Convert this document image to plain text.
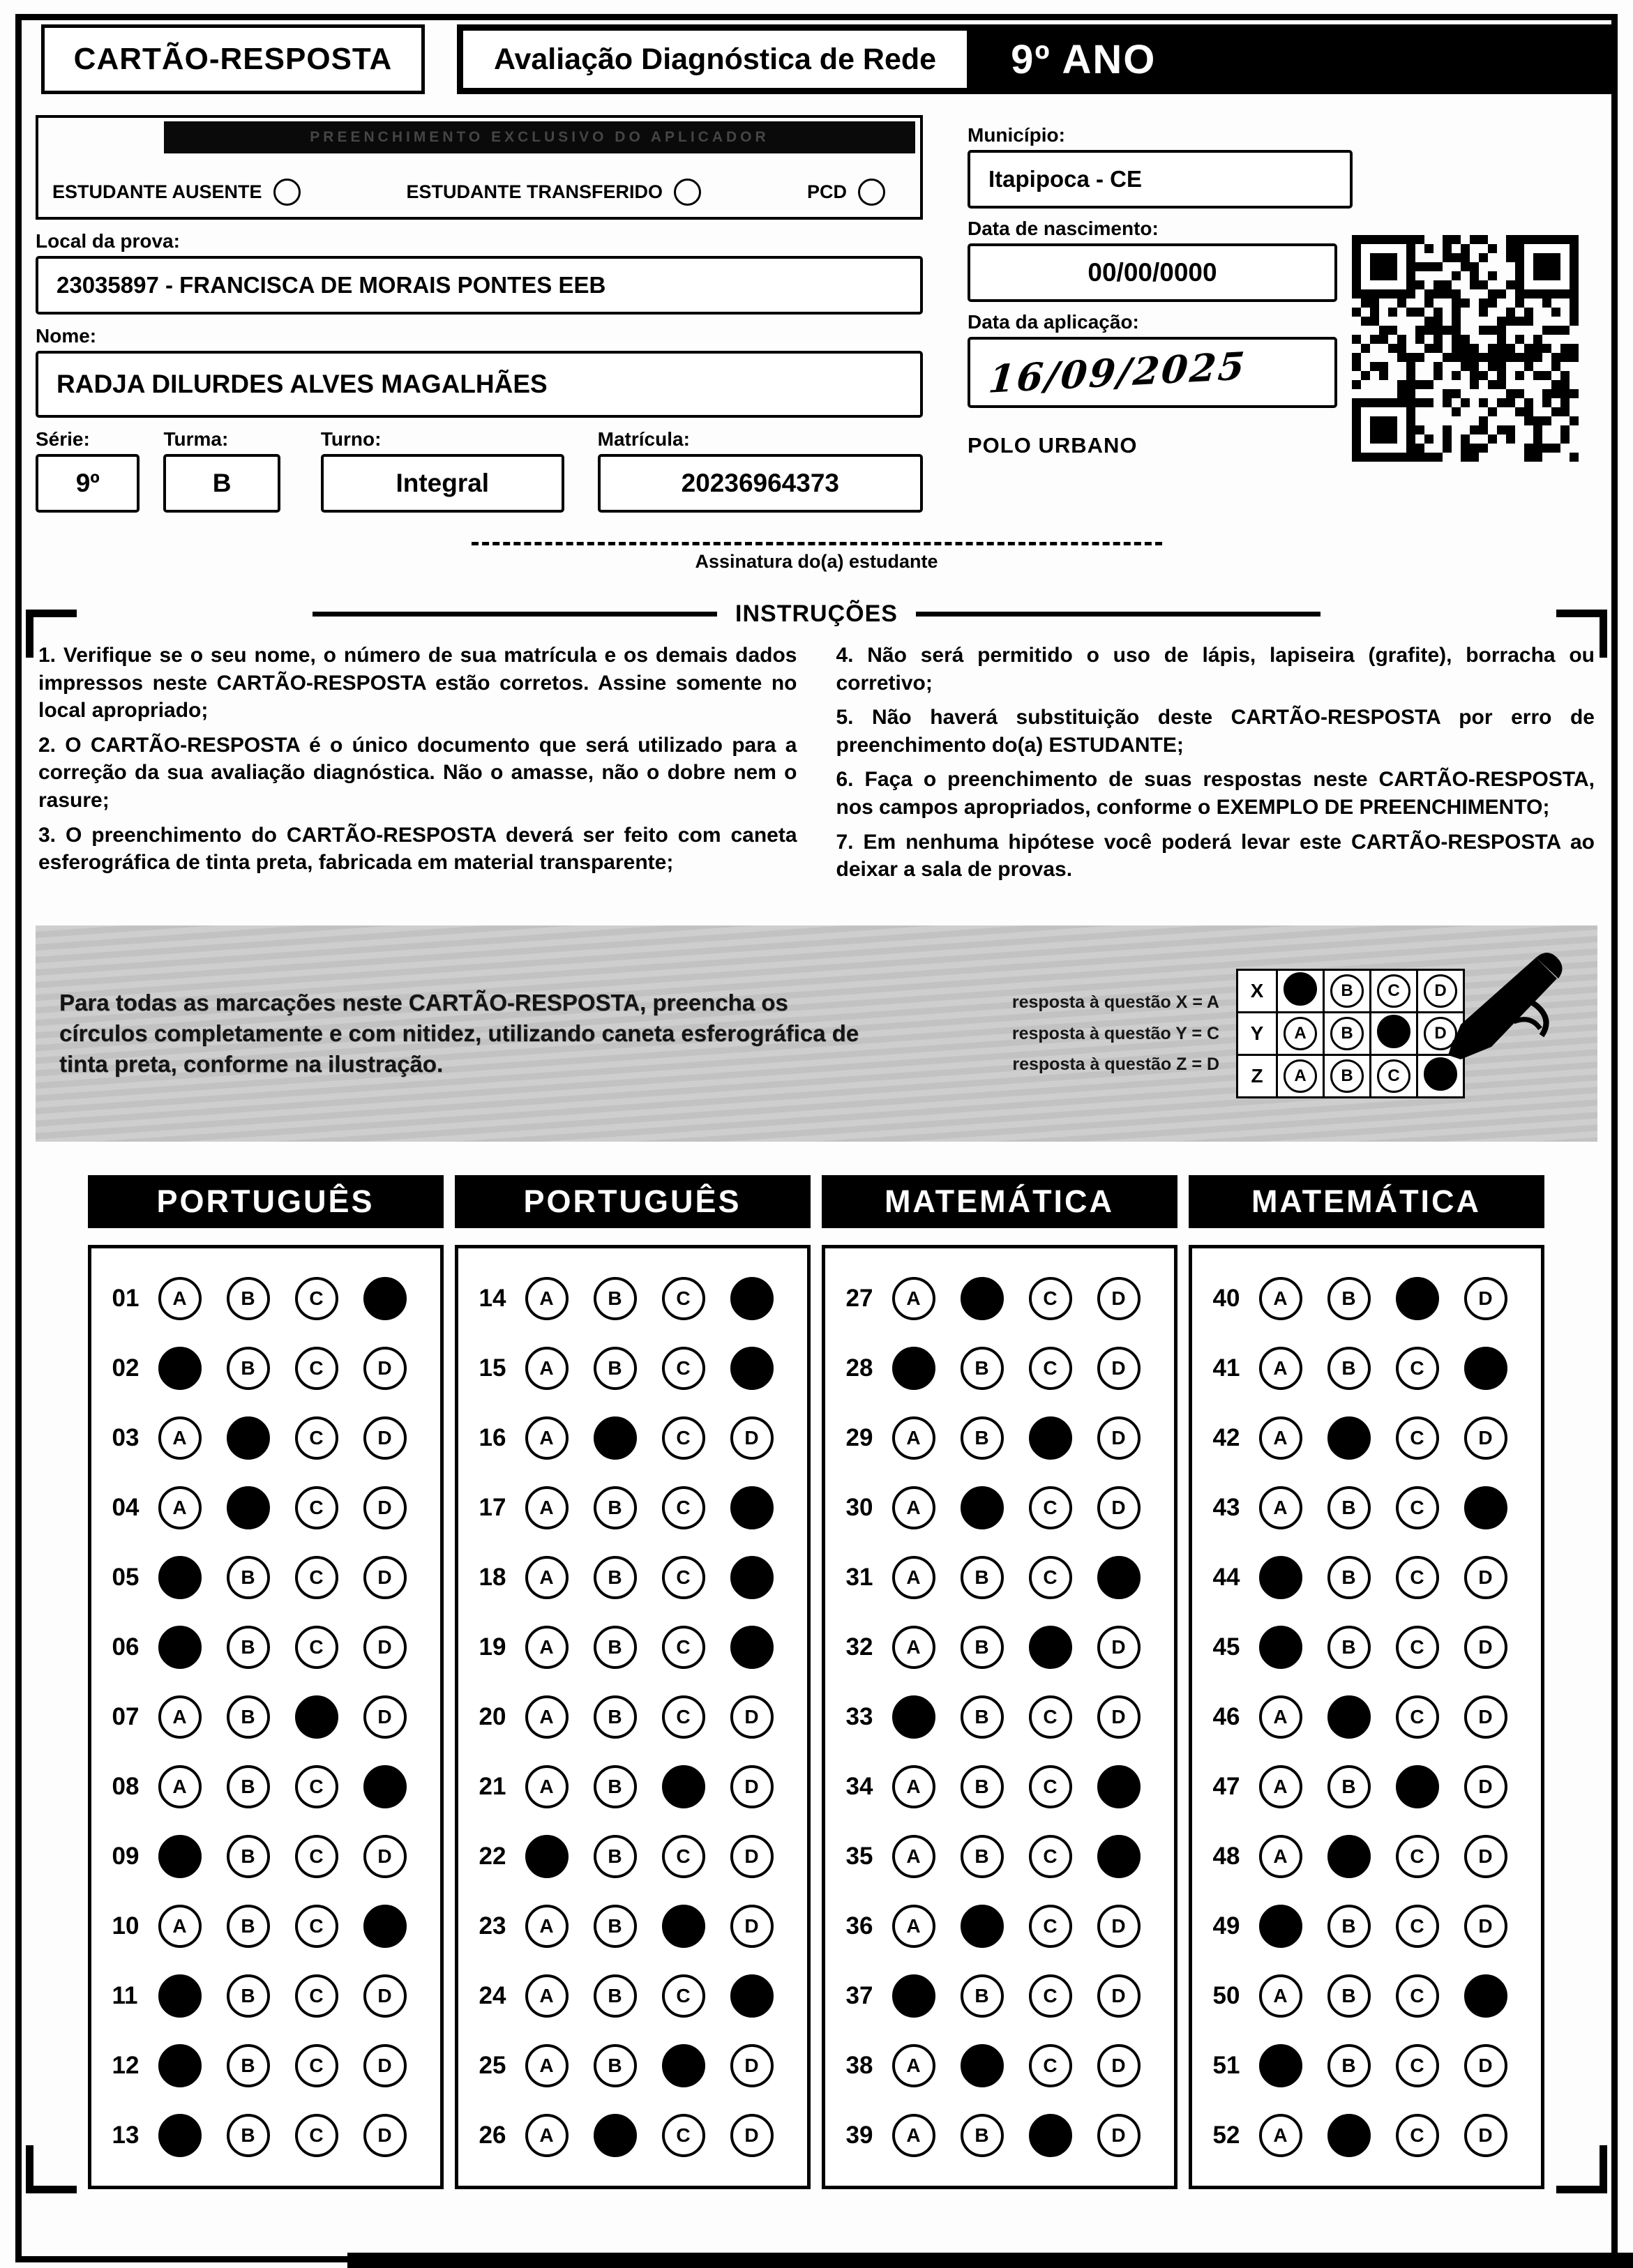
CARTÃO-RESPOSTA	Avaliação Diagnóstica de Rede	9º ANO
PREENCHIMENTO EXCLUSIVO DO APLICADOR
ESTUDANTE AUSENTE	ESTUDANTE TRANSFERIDO	PCD
Local da prova:
23035897 - FRANCISCA DE MORAIS PONTES EEB
Nome:
RADJA DILURDES ALVES MAGALHÃES
Série:
9º
Turma:
B
Turno:
Integral
Matrícula:
20236964373
Município:
Itapipoca - CE
Data de nascimento:
00/00/0000
Data da aplicação:
16/09/2025
POLO URBANO
Assinatura do(a) estudante
INSTRUÇÕES

1. Verifique se o seu nome, o número de sua matrícula e os demais dados impressos neste CARTÃO-RESPOSTA estão corretos. Assine somente no local apropriado;

2. O CARTÃO-RESPOSTA é o único documento que será utilizado para a correção da sua avaliação diagnóstica. Não o amasse, não o dobre nem o rasure;

3. O preenchimento do CARTÃO-RESPOSTA deverá ser feito com caneta esferográfica de tinta preta, fabricada em material transparente;

4. Não será permitido o uso de lápis, lapiseira (grafite), borracha ou corretivo;

5. Não haverá substituição deste CARTÃO-RESPOSTA por erro de preenchimento do(a) ESTUDANTE;

6. Faça o preenchimento de suas respostas neste CARTÃO-RESPOSTA, nos campos apropriados, conforme o EXEMPLO DE PREENCHIMENTO;

7. Em nenhuma hipótese você poderá levar este CARTÃO-RESPOSTA ao deixar a sala de provas.

Para todas as marcações neste CARTÃO-RESPOSTA, preencha os círculos completamente e com nitidez, utilizando caneta esferográfica de tinta preta, conforme na ilustração.
resposta à questão X = A
resposta à questão Y = C
resposta à questão Z = D
X		B	C	D
Y	A	B		D
Z	A	B	C	
PORTUGUÊS
01	A	B	C
02	B	C	D
03	A	C	D
04	A	C	D
05	B	C	D
06	B	C	D
07	A	B	D
08	A	B	C
09	B	C	D
10	A	B	C
11	B	C	D
12	B	C	D
13	B	C	D
PORTUGUÊS
14	A	B	C
15	A	B	C
16	A	C	D
17	A	B	C
18	A	B	C
19	A	B	C
20	A	B	C	D
21	A	B	D
22	B	C	D
23	A	B	D
24	A	B	C
25	A	B	D
26	A	C	D
MATEMÁTICA
27	A	C	D
28	B	C	D
29	A	B	D
30	A	C	D
31	A	B	C
32	A	B	D
33	B	C	D
34	A	B	C
35	A	B	C
36	A	C	D
37	B	C	D
38	A	C	D
39	A	B	D
MATEMÁTICA
40	A	B	D
41	A	B	C
42	A	C	D
43	A	B	C
44	B	C	D
45	B	C	D
46	A	C	D
47	A	B	D
48	A	C	D
49	B	C	D
50	A	B	C
51	B	C	D
52	A	C	D
